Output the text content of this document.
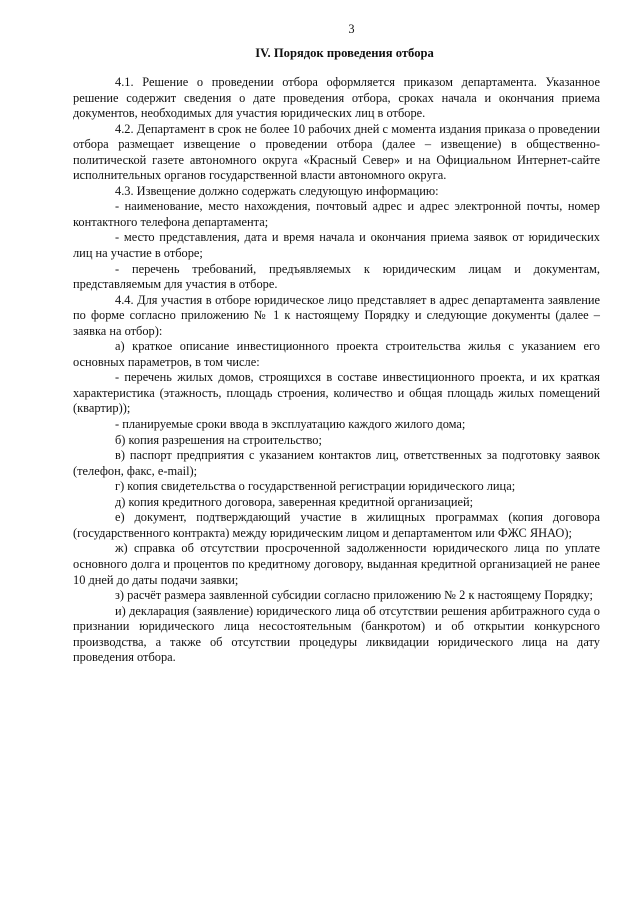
3
IV. Порядок проведения отбора

4.1. Решение о проведении отбора оформляется приказом департамента. Указанное решение содержит сведения о дате проведения отбора, сроках начала и окончания приема документов, необходимых для участия юридических лиц в отборе.

4.2. Департамент в срок не более 10 рабочих дней с момента издания приказа о проведении отбора размещает извещение о проведении отбора (далее – извещение) в общественно-политической газете автономного округа «Красный Север» и на Официальном Интернет-сайте исполнительных органов государственной власти автономного округа.

4.3. Извещение должно содержать следующую информацию:

- наименование, место нахождения, почтовый адрес и адрес электронной почты, номер контактного телефона департамента;

- место представления, дата и время начала и окончания приема заявок от юридических лиц на участие в отборе;

- перечень требований, предъявляемых к юридическим лицам и документам, представляемым для участия в отборе.

4.4. Для участия в отборе юридическое лицо представляет в адрес департамента заявление по форме согласно приложению № 1 к настоящему Порядку и следующие документы (далее – заявка на отбор):

а) краткое описание инвестиционного проекта строительства жилья с указанием его основных параметров, в том числе:

- перечень жилых домов, строящихся в составе инвестиционного проекта, и их краткая характеристика (этажность, площадь строения, количество и общая площадь жилых помещений (квартир));

- планируемые сроки ввода в эксплуатацию каждого жилого дома;

б) копия разрешения на строительство;

в) паспорт предприятия с указанием контактов лиц, ответственных за подготовку заявок (телефон, факс, e-mail);

г) копия свидетельства о государственной регистрации юридического лица;

д) копия кредитного договора, заверенная кредитной организацией;

е) документ, подтверждающий участие в жилищных программах (копия договора (государственного контракта) между юридическим лицом и департаментом или ФЖС ЯНАО);

ж) справка об отсутствии просроченной задолженности юридического лица по уплате основного долга и процентов по кредитному договору, выданная кредитной организацией не ранее 10 дней до даты подачи заявки;

з) расчёт размера заявленной субсидии согласно приложению № 2 к настоящему Порядку;

и) декларация (заявление) юридического лица об отсутствии решения арбитражного суда о признании юридического лица несостоятельным (банкротом) и об открытии конкурсного производства, а также об отсутствии процедуры ликвидации юридического лица на дату проведения отбора.
